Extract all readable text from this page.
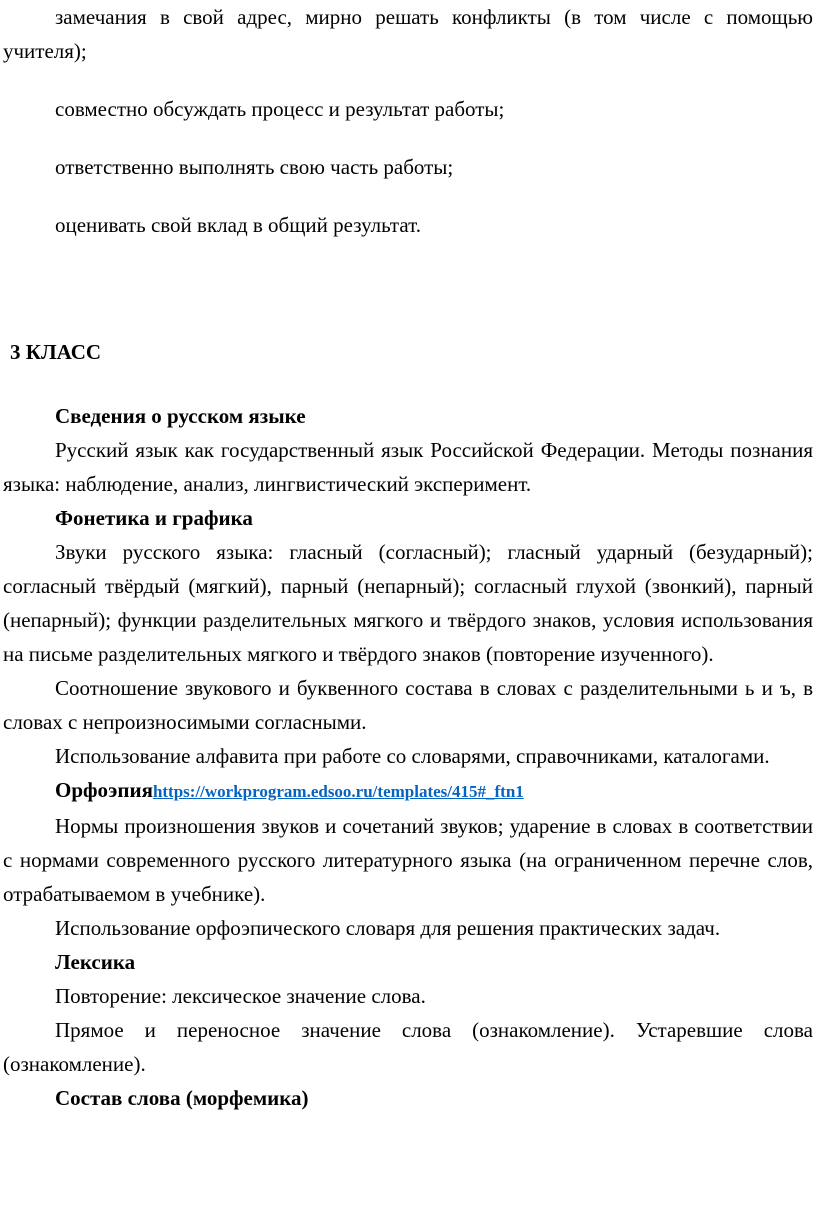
замечания в свой адрес, мирно решать конфликты (в том числе с помощью учителя);

совместно обсуждать процесс и результат работы;

ответственно выполнять свою часть работы;

оценивать свой вклад в общий результат.

3 КЛАСС

Сведения о русском языке

Русский язык как государственный язык Российской Федерации. Методы познания языка: наблюдение, анализ, лингвистический эксперимент.

Фонетика и графика

Звуки русского языка: гласный (согласный); гласный ударный (безударный); согласный твёрдый (мягкий), парный (непарный); согласный глухой (звонкий), парный (непарный); функции разделительных мягкого и твёрдого знаков, условия использования на письме разделительных мягкого и твёрдого знаков (повторение изученного).

Соотношение звукового и буквенного состава в словах с разделительными ь и ъ, в словах с непроизносимыми согласными.

Использование алфавита при работе со словарями, справочниками, каталогами.

Орфоэпияhttps://workprogram.edsoo.ru/templates/415#_ftn1

Нормы произношения звуков и сочетаний звуков; ударение в словах в соответствии с нормами современного русского литературного языка (на ограниченном перечне слов, отрабатываемом в учебнике).

Использование орфоэпического словаря для решения практических задач.

Лексика

Повторение: лексическое значение слова.

Прямое и переносное значение слова (ознакомление). Устаревшие слова (ознакомление).

Состав слова (морфемика)
